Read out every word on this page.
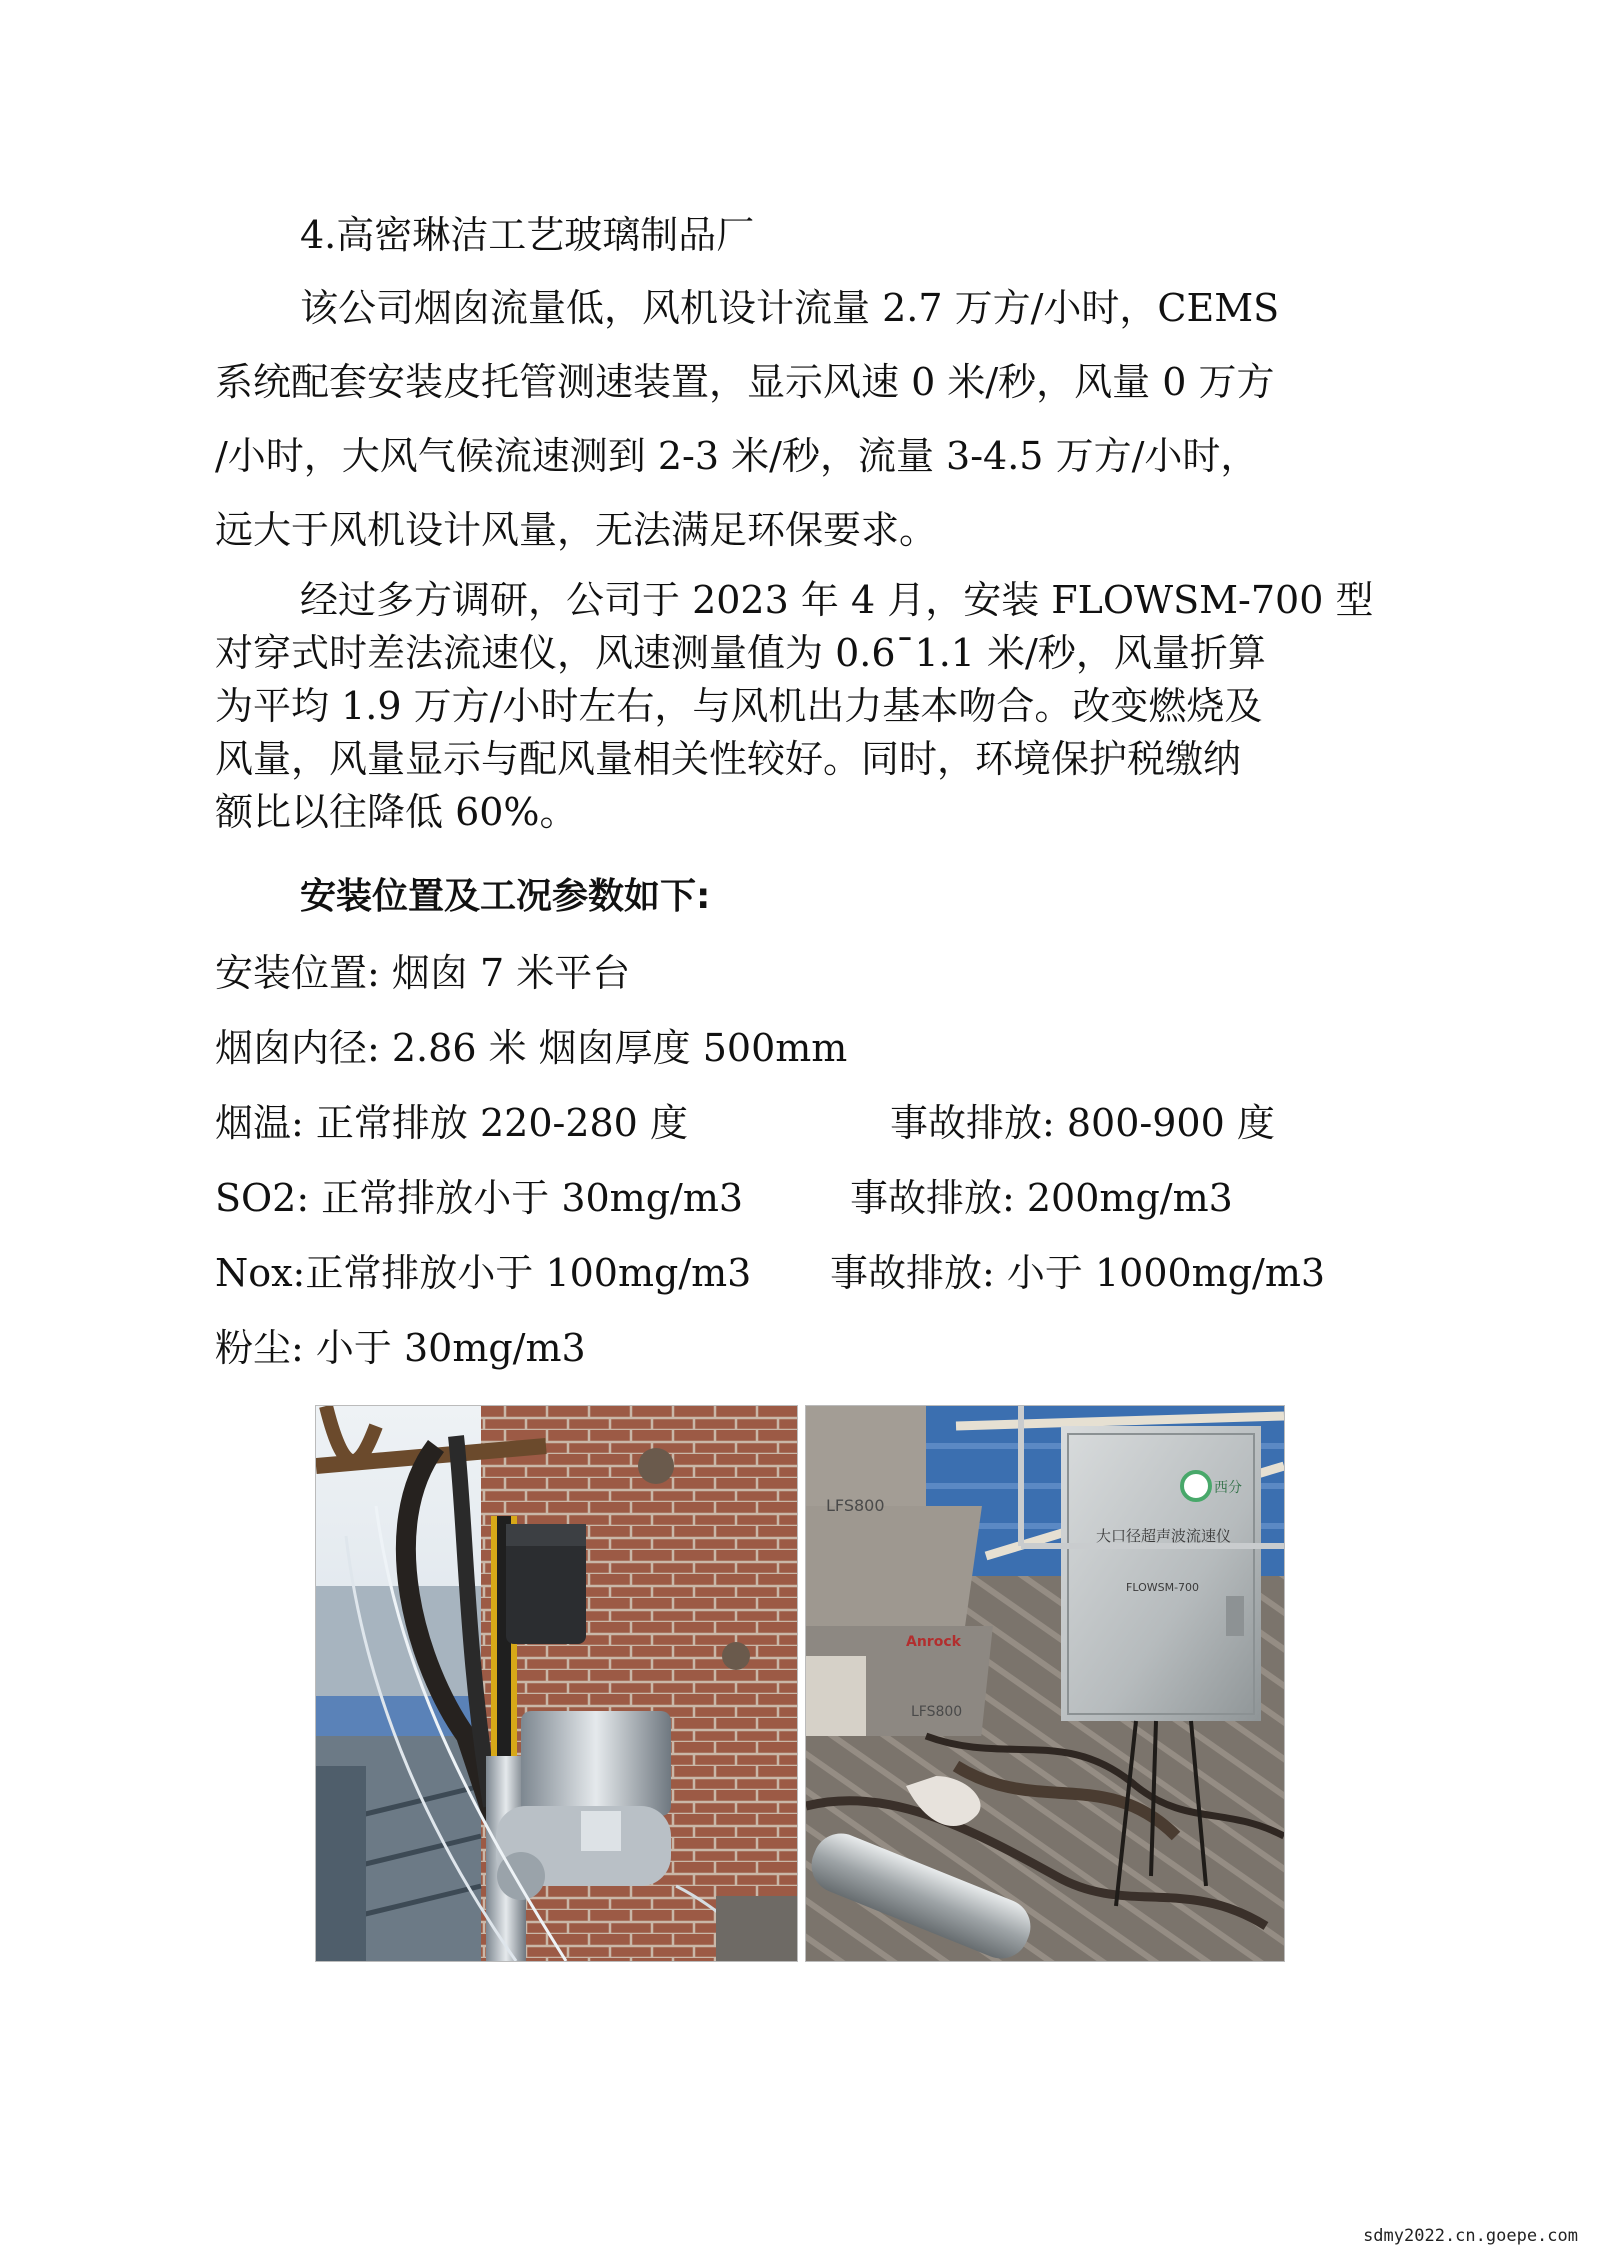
4.高密琳洁工艺玻璃制品厂
该公司烟囱流量低，风机设计流量 2.7 万方/小时，CEMS
系统配套安装皮托管测速装置，显示风速 0 米/秒，风量 0 万方
/小时，大风气候流速测到 2-3 米/秒，流量 3-4.5 万方/小时，
远大于风机设计风量，无法满足环保要求。
经过多方调研，公司于 2023 年 4 月，安装 FLOWSM-700 型
对穿式时差法流速仪，风速测量值为 0.6¯1.1 米/秒，风量折算
为平均 1.9 万方/小时左右，与风机出力基本吻合。改变燃烧及
风量，风量显示与配风量相关性较好。同时，环境保护税缴纳
额比以往降低 60%。
安装位置及工况参数如下:
安装位置: 烟囱 7 米平台
烟囱内径: 2.86 米 烟囱厚度 500mm
烟温: 正常排放 220-280 度	事故排放: 800-900 度
SO2: 正常排放小于 30mg/m3	事故排放: 200mg/m3
Nox:正常排放小于 100mg/m3 事故排放: 小于 1000mg/m3
粉尘: 小于 30mg/m3
LFS800
Anrock
LFS800
西分
大口径超声波流速仪
FLOWSM-700
sdmy2022.cn.goepe.com
